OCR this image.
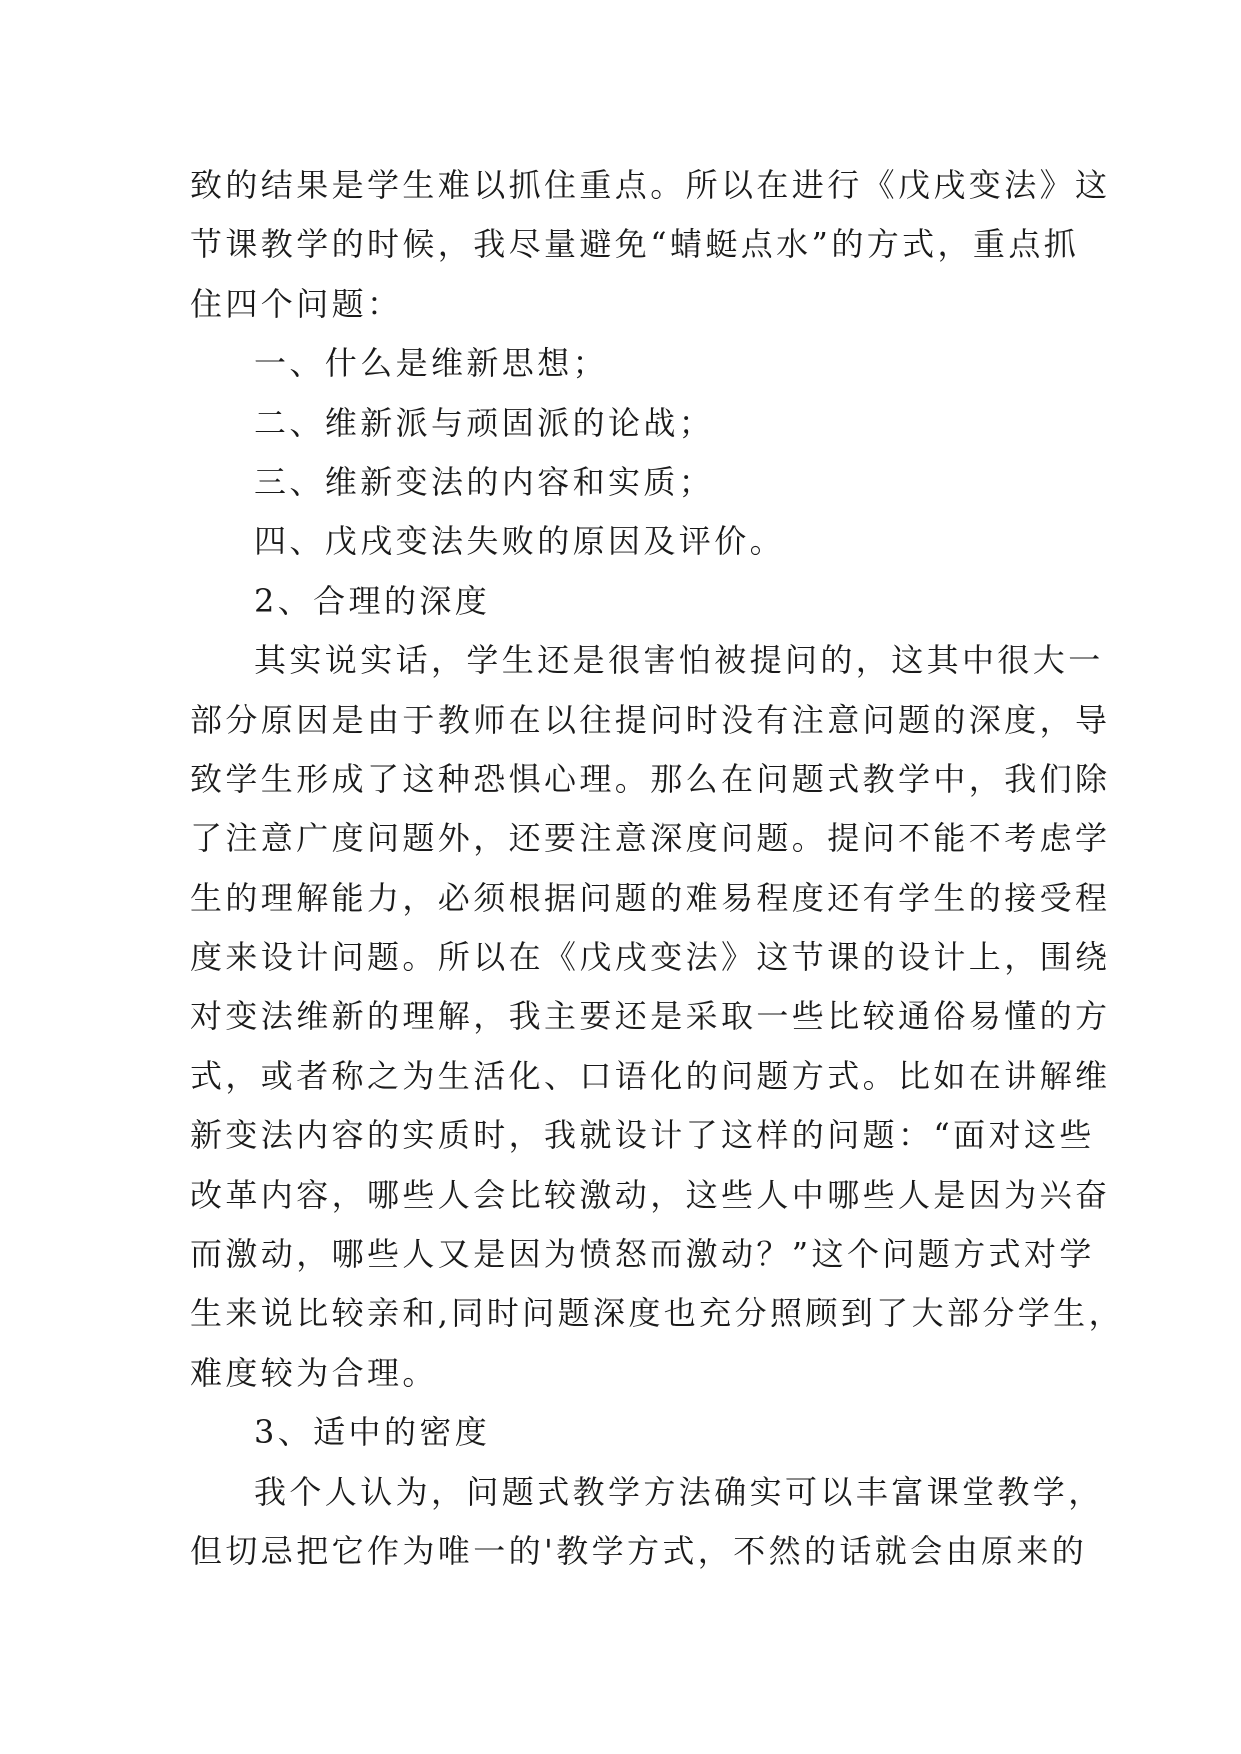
致的结果是学生难以抓住重点。所以在进行《戊戌变法》这
节课教学的时候，我尽量避免“蜻蜓点水”的方式，重点抓
住四个问题：
一、什么是维新思想；
二、维新派与顽固派的论战；
三、维新变法的内容和实质；
四、戊戌变法失败的原因及评价。
2、合理的深度
其实说实话，学生还是很害怕被提问的，这其中很大一
部分原因是由于教师在以往提问时没有注意问题的深度，导
致学生形成了这种恐惧心理。那么在问题式教学中，我们除
了注意广度问题外，还要注意深度问题。提问不能不考虑学
生的理解能力，必须根据问题的难易程度还有学生的接受程
度来设计问题。所以在《戊戌变法》这节课的设计上，围绕
对变法维新的理解，我主要还是采取一些比较通俗易懂的方
式，或者称之为生活化、口语化的问题方式。比如在讲解维
新变法内容的实质时，我就设计了这样的问题：“面对这些
改革内容，哪些人会比较激动，这些人中哪些人是因为兴奋
而激动，哪些人又是因为愤怒而激动？”这个问题方式对学
生来说比较亲和,同时问题深度也充分照顾到了大部分学生，
难度较为合理。
3、适中的密度
我个人认为，问题式教学方法确实可以丰富课堂教学，
但切忌把它作为唯一的'教学方式，不然的话就会由原来的
